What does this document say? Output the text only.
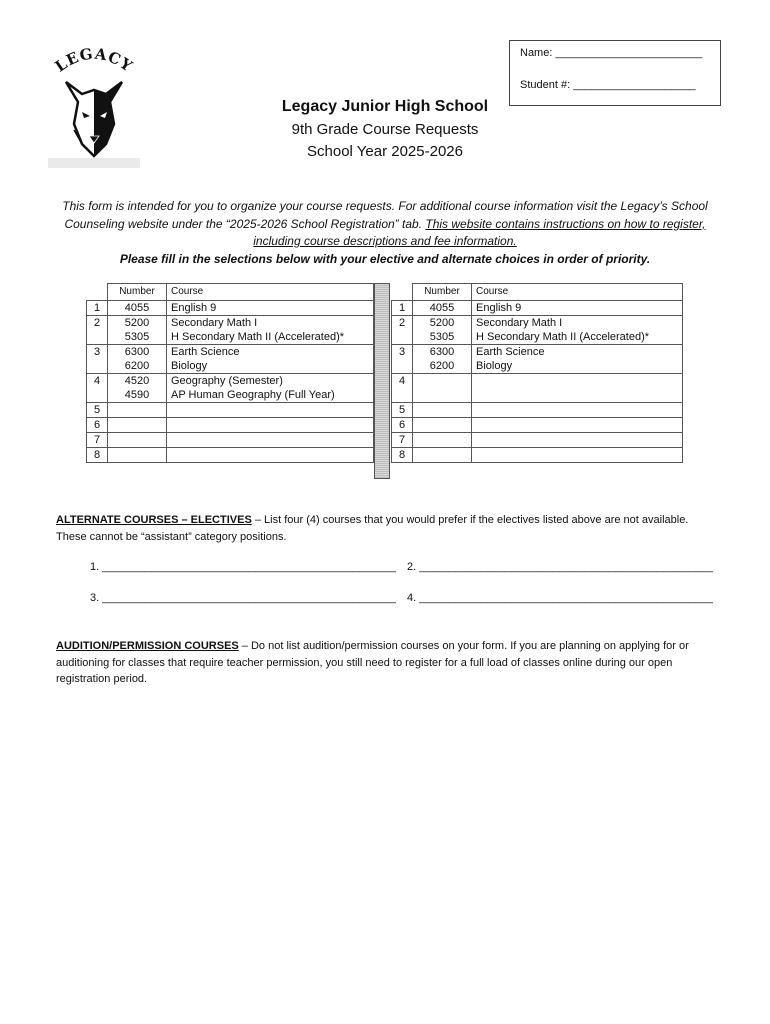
LEGACY
Name: ________________________
Student #: ____________________
Legacy Junior High School
9th Grade Course Requests
School Year 2025-2026
This form is intended for you to organize your course requests. For additional course information visit the Legacy’s School Counseling website under the “2025-2026 School Registration” tab. This website contains instructions on how to register, including course descriptions and fee information.
Please fill in the selections below with your elective and alternate choices in order of priority.
	Number	Course
1	4055	English 9
2	5200	Secondary Math I
	5305	H Secondary Math II (Accelerated)*
3	6300	Earth Science
	6200	Biology
4	4520	Geography (Semester)
	4590	AP Human Geography (Full Year)
5		
6		
7		
8		
	Number	Course
1	4055	English 9
2	5200	Secondary Math I
	5305	H Secondary Math II (Accelerated)*
3	6300	Earth Science
	6200	Biology
4		

5		
6		
7		
8		
ALTERNATE COURSES – ELECTIVES – List four (4) courses that you would prefer if the electives listed above are not available. These cannot be “assistant” category positions.
1. ________________________________________________ 2. ________________________________________________
3. ________________________________________________ 4. ________________________________________________
AUDITION/PERMISSION COURSES – Do not list audition/permission courses on your form. If you are planning on applying for or auditioning for classes that require teacher permission, you still need to register for a full load of classes online during our open registration period.
